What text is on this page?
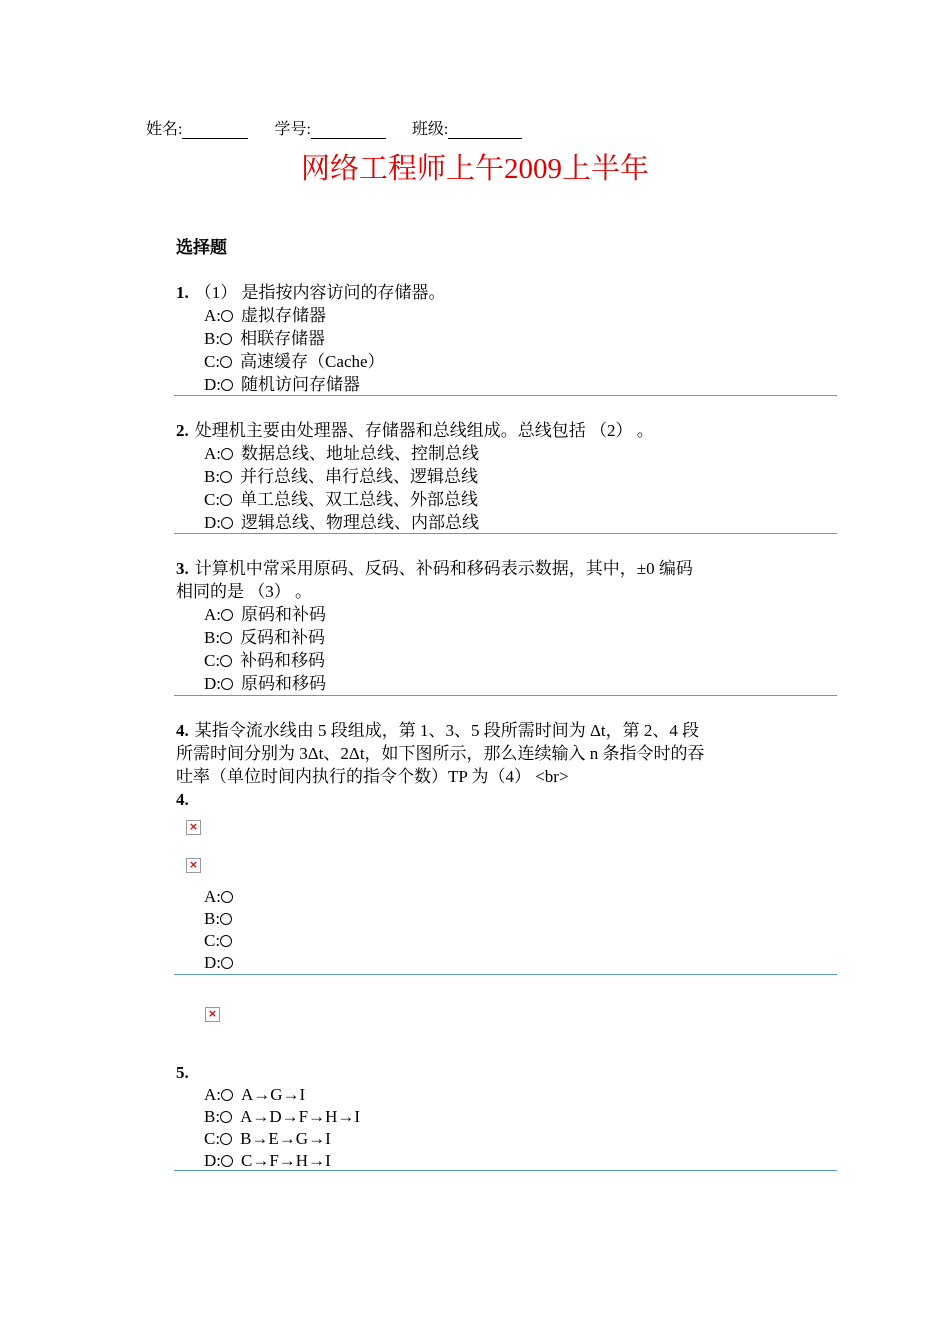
姓名:	学号:	班级:
网络工程师上午2009上半年
选择题
1. （1） 是指按内容访问的存储器。
A: 虚拟存储器
B: 相联存储器
C: 高速缓存（Cache）
D: 随机访问存储器
2. 处理机主要由处理器、存储器和总线组成。总线包括 （2） 。
A: 数据总线、地址总线、控制总线
B: 并行总线、串行总线、逻辑总线
C: 单工总线、双工总线、外部总线
D: 逻辑总线、物理总线、内部总线
3. 计算机中常采用原码、反码、补码和移码表示数据，其中，±0 编码
相同的是 （3） 。
A: 原码和补码
B: 反码和补码
C: 补码和移码
D: 原码和移码
4. 某指令流水线由 5 段组成，第 1、3、5 段所需时间为 Δt，第 2、4 段
所需时间分别为 3Δt、2Δt，如下图所示，那么连续输入 n 条指令时的吞
吐率（单位时间内执行的指令个数）TP 为（4） <br>
4.
×
×
A:
B:
C:
D:
×
5.
A: A→G→I
B: A→D→F→H→I
C: B→E→G→I
D: C→F→H→I
